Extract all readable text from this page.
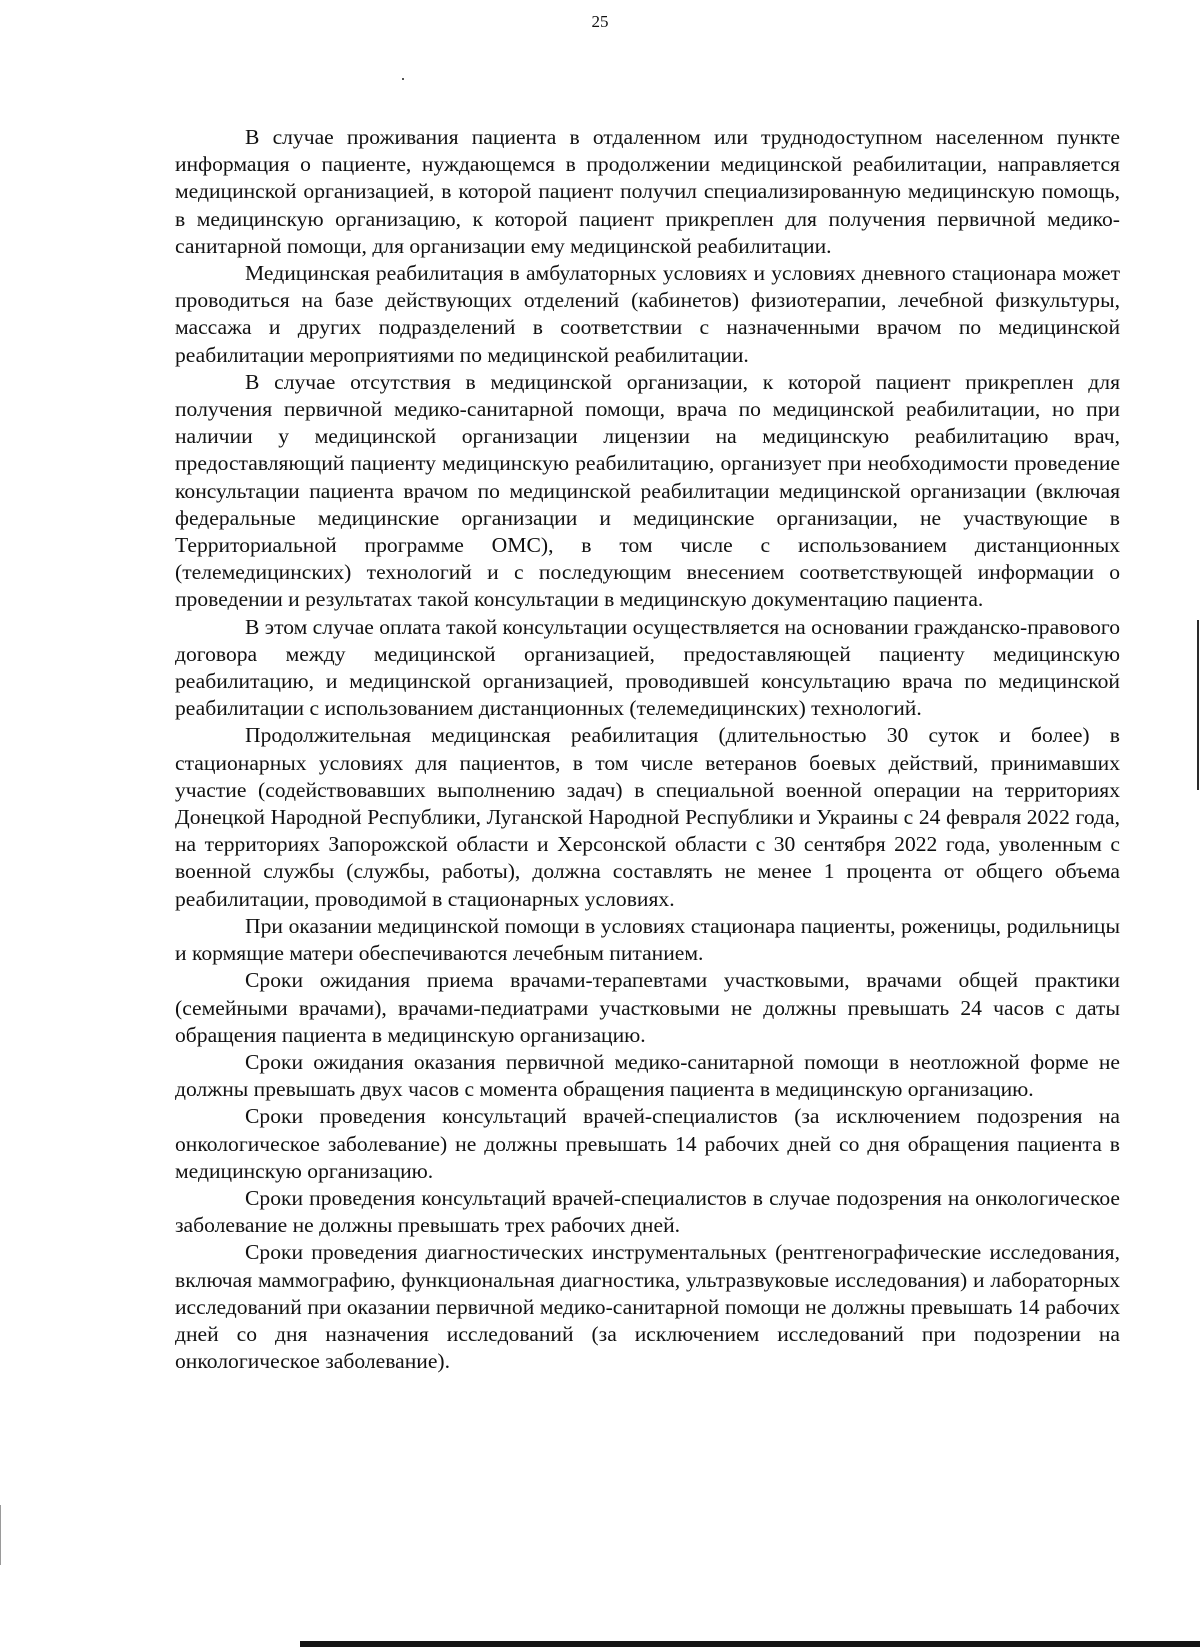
25

В случае проживания пациента в отдаленном или труднодоступном населенном пункте информация о пациенте, нуждающемся в продолжении медицинской реабилитации, направляется медицинской организацией, в которой пациент получил специализированную медицинскую помощь, в медицинскую организацию, к которой пациент прикреплен для получения первичной медико-санитарной помощи, для организации ему медицинской реабилитации.

Медицинская реабилитация в амбулаторных условиях и условиях дневного стационара может проводиться на базе действующих отделений (кабинетов) физиотерапии, лечебной физкультуры, массажа и других подразделений в соответствии с назначенными врачом по медицинской реабилитации мероприятиями по медицинской реабилитации.

В случае отсутствия в медицинской организации, к которой пациент прикреплен для получения первичной медико-санитарной помощи, врача по медицинской реабилитации, но при наличии у медицинской организации лицензии на медицинскую реабилитацию врач, предоставляющий пациенту медицинскую реабилитацию, организует при необходимости проведение консультации пациента врачом по медицинской реабилитации медицинской организации (включая федеральные медицинские организации и медицинские организации, не участвующие в Территориальной программе ОМС), в том числе с использованием дистанционных (телемедицинских) технологий и с последующим внесением соответствующей информации о проведении и результатах такой консультации в медицинскую документацию пациента.

В этом случае оплата такой консультации осуществляется на основании гражданско-правового договора между медицинской организацией, предоставляющей пациенту медицинскую реабилитацию, и медицинской организацией, проводившей консультацию врача по медицинской реабилитации с использованием дистанционных (телемедицинских) технологий.

Продолжительная медицинская реабилитация (длительностью 30 суток и более) в стационарных условиях для пациентов, в том числе ветеранов боевых действий, принимавших участие (содействовавших выполнению задач) в специальной военной операции на территориях Донецкой Народной Республики, Луганской Народной Республики и Украины с 24 февраля 2022 года, на территориях Запорожской области и Херсонской области с 30 сентября 2022 года, уволенным с военной службы (службы, работы), должна составлять не менее 1 процента от общего объема реабилитации, проводимой в стационарных условиях.

При оказании медицинской помощи в условиях стационара пациенты, роженицы, родильницы и кормящие матери обеспечиваются лечебным питанием.

Сроки ожидания приема врачами-терапевтами участковыми, врачами общей практики (семейными врачами), врачами-педиатрами участковыми не должны превышать 24 часов с даты обращения пациента в медицинскую организацию.

Сроки ожидания оказания первичной медико-санитарной помощи в неотложной форме не должны превышать двух часов с момента обращения пациента в медицинскую организацию.

Сроки проведения консультаций врачей-специалистов (за исключением подозрения на онкологическое заболевание) не должны превышать 14 рабочих дней со дня обращения пациента в медицинскую организацию.

Сроки проведения консультаций врачей-специалистов в случае подозрения на онкологическое заболевание не должны превышать трех рабочих дней.

Сроки проведения диагностических инструментальных (рентгенографические исследования, включая маммографию, функциональная диагностика, ультразвуковые исследования) и лабораторных исследований при оказании первичной медико-санитарной помощи не должны превышать 14 рабочих дней со дня назначения исследований (за исключением исследований при подозрении на онкологическое заболевание).
